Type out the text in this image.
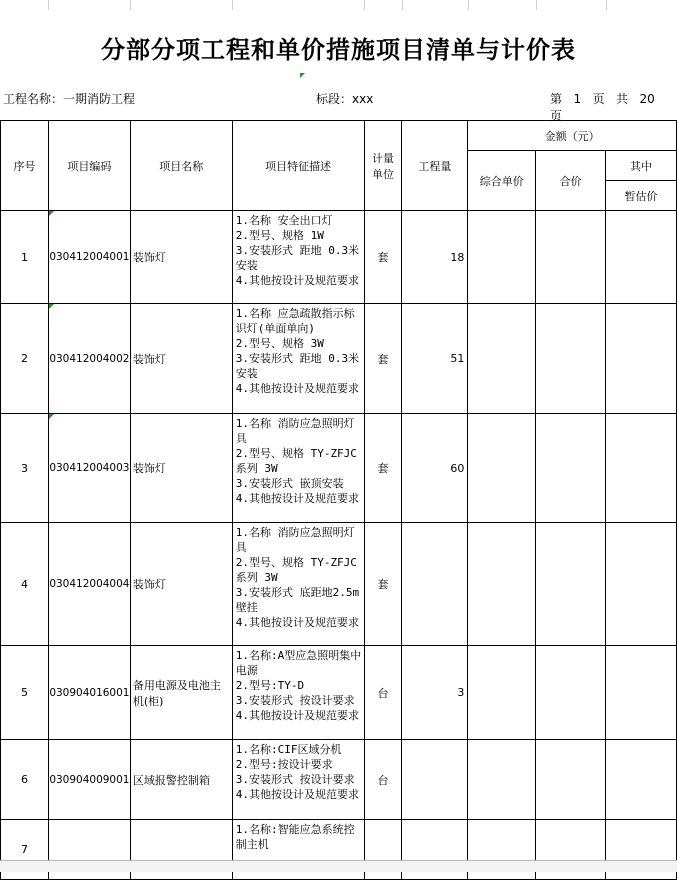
分部分项工程和单价措施项目清单与计价表
工程名称：一期消防工程	标段：xxx	第 1 页 共 20   页
序号	项目编码	项目名称	项目特征描述	计量单位	工程量	金额（元）		
						综合单价	合价	其中
								暂估价
1	030412004001	装饰灯	1.名称 安全出口灯
2.型号、规格 1W
3.安装形式 距地 0.3米安装
4.其他按设计及规范要求	套	18			
2	030412004002	装饰灯	1.名称 应急疏散指示标识灯(单面单向)
2.型号、规格 3W
3.安装形式 距地 0.3米安装
4.其他按设计及规范要求	套	51			
3	030412004003	装饰灯	1.名称 消防应急照明灯具
2.型号、规格 TY-ZFJC系列 3W
3.安装形式 嵌顶安装
4.其他按设计及规范要求	套	60			
4	030412004004	装饰灯	1.名称 消防应急照明灯具
2.型号、规格 TY-ZFJC系列 3W
3.安装形式 底距地2.5m壁挂
4.其他按设计及规范要求	套				
5	030904016001	备用电源及电池主机(柜)	1.名称:A型应急照明集中电源
2.型号:TY-D
3.安装形式 按设计要求
4.其他按设计及规范要求	台	3			
6	030904009001	区域报警控制箱	1.名称:CIF区域分机
2.型号:按设计要求
3.安装形式 按设计要求
4.其他按设计及规范要求	台				
7			1.名称:智能应急系统控制主机					
